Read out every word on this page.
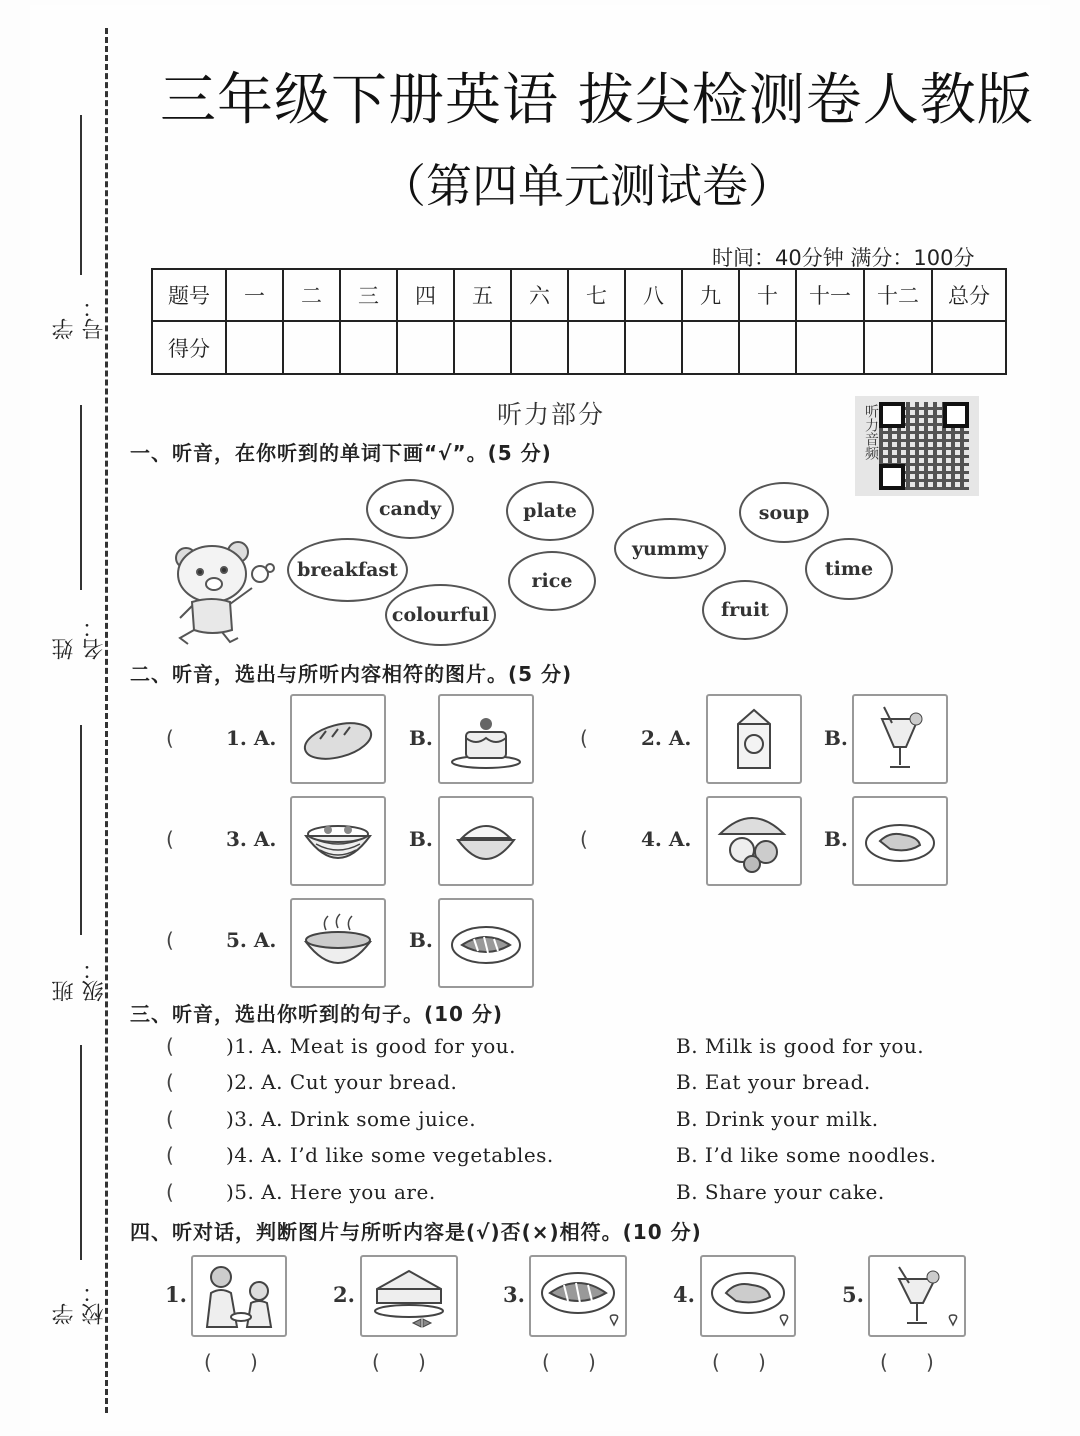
学号：
姓名：
班级：
学校：
三年级下册英语 拔尖检测卷人教版
（第四单元测试卷）
时间：40分钟 满分：100分
题号	一	二	三	四	五	六	七	八	九	十	十一	十二	总分
得分													
听力部分	听力音频
一、听音，在你听到的单词下画“√”。(5 分)
candy	plate	soup
yummy
breakfast	rice
time
colourful	fruit
二、听音，选出与所听内容相符的图片。(5 分)
(	1. A.	B.	(	2. A.	B.
(	3. A.	B.	(	4. A.	B.
(	5. A.	B.
三、听音，选出你听到的句子。(10 分)
(	)1. A. Meat is good for you.	B. Milk is good for you.
(	)2. A. Cut your bread.	B. Eat your bread.
(	)3. A. Drink some juice.	B. Drink your milk.
(	)4. A. I’d like some vegetables.	B. I’d like some noodles.
(	)5. A. Here you are.	B. Share your cake.
四、听对话，判断图片与所听内容是(√)否(×)相符。(10 分)
1.
(      )
2.
(      )
3.
(      )
4.
(      )
5.
(      )
